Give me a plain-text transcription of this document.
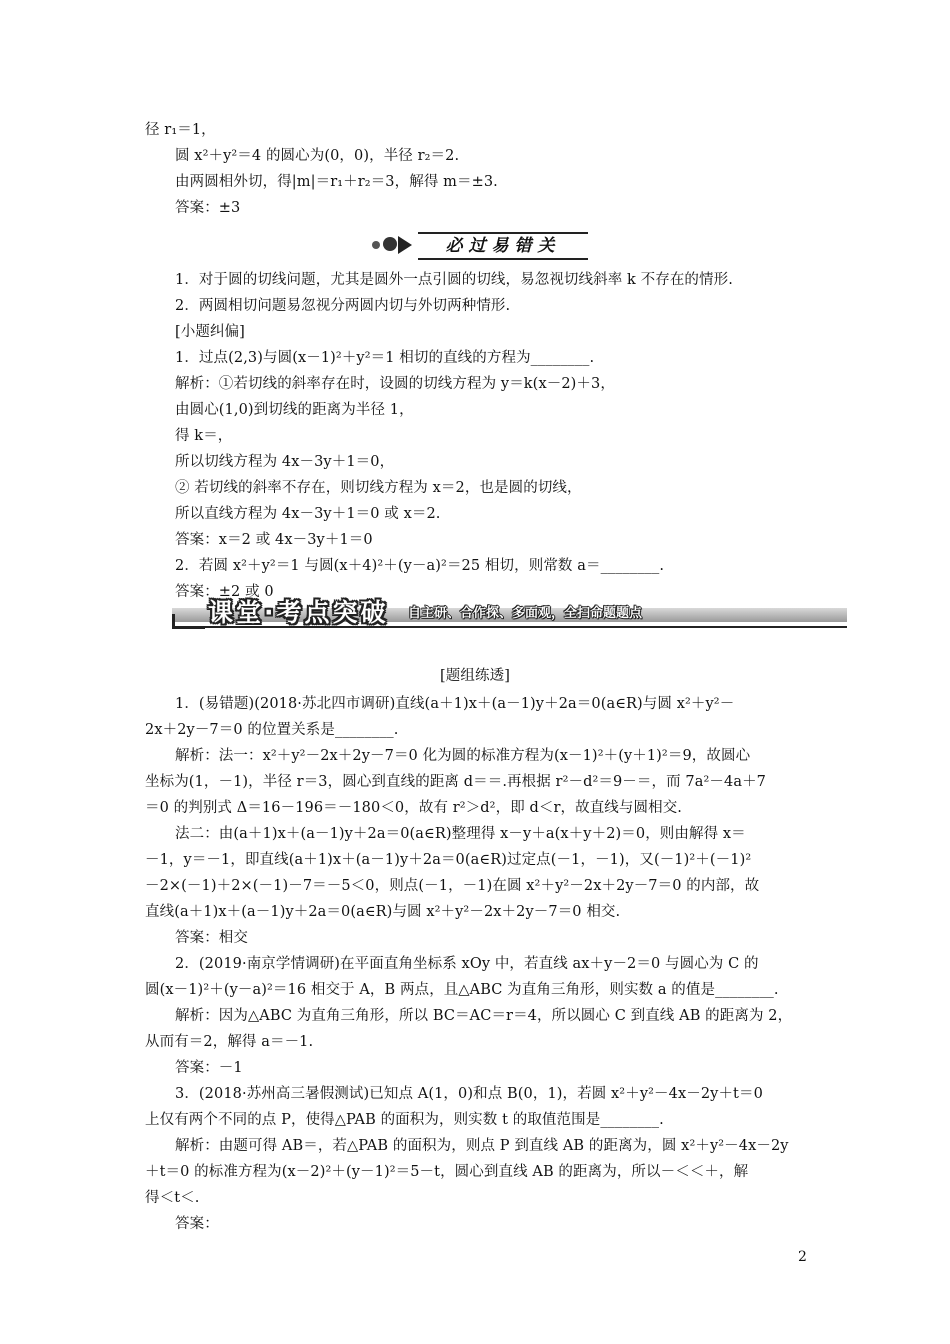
径 r₁＝1，
圆 x²＋y²＝4 的圆心为(0，0)，半径 r₂＝2.
由两圆相外切，得|m|＝r₁＋r₂＝3，解得 m＝±3.
答案：±3
必过易错关
1．对于圆的切线问题，尤其是圆外一点引圆的切线，易忽视切线斜率 k 不存在的情形.
2．两圆相切问题易忽视分两圆内切与外切两种情形.
[小题纠偏]
1．过点(2,3)与圆(x－1)²＋y²＝1 相切的直线的方程为________.
解析：①若切线的斜率存在时，设圆的切线方程为 y＝k(x－2)＋3，
由圆心(1,0)到切线的距离为半径 1，
得 k＝，
所以切线方程为 4x－3y＋1＝0，
② 若切线的斜率不存在，则切线方程为 x＝2，也是圆的切线，
所以直线方程为 4x－3y＋1＝0 或 x＝2.
答案：x＝2 或 4x－3y＋1＝0
2．若圆 x²＋y²＝1 与圆(x＋4)²＋(y－a)²＝25 相切，则常数 a＝________.
答案：±2 或 0
课堂·考点突破	自主研、合作探、多面观，全扫命题题点
[题组练透]
1．(易错题)(2018·苏北四市调研)直线(a＋1)x＋(a－1)y＋2a＝0(a∈R)与圆 x²＋y²－
2x＋2y－7＝0 的位置关系是________.
解析：法一：x²＋y²－2x＋2y－7＝0 化为圆的标准方程为(x－1)²＋(y＋1)²＝9，故圆心
坐标为(1，－1)，半径 r＝3，圆心到直线的距离 d＝＝.再根据 r²－d²＝9－＝，而 7a²－4a＋7
＝0 的判别式 Δ＝16－196＝－180＜0，故有 r²＞d²，即 d＜r，故直线与圆相交.
法二：由(a＋1)x＋(a－1)y＋2a＝0(a∈R)整理得 x－y＋a(x＋y＋2)＝0，则由解得 x＝
－1，y＝－1，即直线(a＋1)x＋(a－1)y＋2a＝0(a∈R)过定点(－1，－1)，又(－1)²＋(－1)²
－2×(－1)＋2×(－1)－7＝－5＜0，则点(－1，－1)在圆 x²＋y²－2x＋2y－7＝0 的内部，故
直线(a＋1)x＋(a－1)y＋2a＝0(a∈R)与圆 x²＋y²－2x＋2y－7＝0 相交.
答案：相交
2．(2019·南京学情调研)在平面直角坐标系 xOy 中，若直线 ax＋y－2＝0 与圆心为 C 的
圆(x－1)²＋(y－a)²＝16 相交于 A，B 两点，且△ABC 为直角三角形，则实数 a 的值是________.
解析：因为△ABC 为直角三角形，所以 BC＝AC＝r＝4，所以圆心 C 到直线 AB 的距离为 2，
从而有＝2，解得 a＝－1.
答案：－1
3．(2018·苏州高三暑假测试)已知点 A(1，0)和点 B(0，1)，若圆 x²＋y²－4x－2y＋t＝0
上仅有两个不同的点 P，使得△PAB 的面积为，则实数 t 的取值范围是________.
解析：由题可得 AB＝，若△PAB 的面积为，则点 P 到直线 AB 的距离为，圆 x²＋y²－4x－2y
＋t＝0 的标准方程为(x－2)²＋(y－1)²＝5－t，圆心到直线 AB 的距离为，所以－＜＜＋，解
得＜t＜.
答案：
2
